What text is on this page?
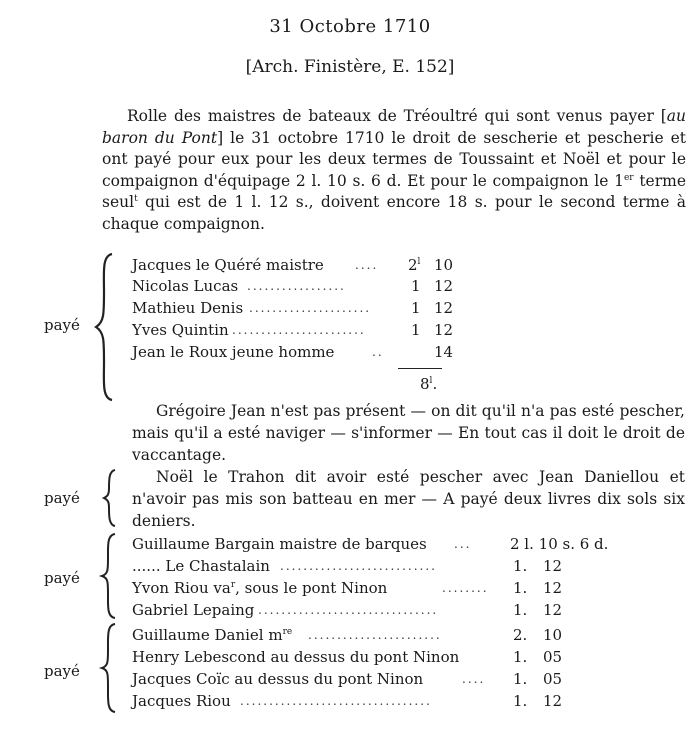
31 Octobre 1710
[Arch. Finistère, E. 152]

Rolle des maistres de bateaux de Tréoultré qui sont venus payer [au baron du Pont] le 31 octobre 1710 le droit de sescherie et pescherie et ont payé pour eux pour les deux termes de Toussaint et Noël et pour le compaignon d'équipage 2 l. 10 s. 6 d. Et pour le compaignon le 1er terme seul$^t$ qui est de 1 l. 12 s., doivent encore 18 s. pour le second terme à chaque compaignon.

payé
Jacques le Quéré maistre	....	2$^l$ 10
Nicolas Lucas .................	1 12
Mathieu Denis .....................	1 12
Yves Quintin .......................	1 12
Jean le Roux jeune homme	..	14
8$^l$.

Grégoire Jean n'est pas présent — on dit qu'il n'a pas esté pescher, mais qu'il a esté naviger — s'informer — En tout cas il doit le droit de vaccantage.

payé

Noël le Trahon dit avoir esté pescher avec Jean Daniellou et n'avoir pas mis son batteau en mer — A payé deux livres dix sols six deniers.

payé
Guillaume Bargain maistre de barques ...	2 l. 10 s. 6 d.
...... Le Chastalain ...........................	1. 12
Yvon Riou $va^r$, sous le pont Ninon	........	1. 12
Gabriel Lepaing ...............................	1. 12
payé
Guillaume Daniel $m^{re}$ .......................	2. 10
Henry Lebescond au dessus du pont Ninon	1. 05
Jacques Coïc au dessus du pont Ninon	....	1. 05
Jacques Riou .................................	1. 12
